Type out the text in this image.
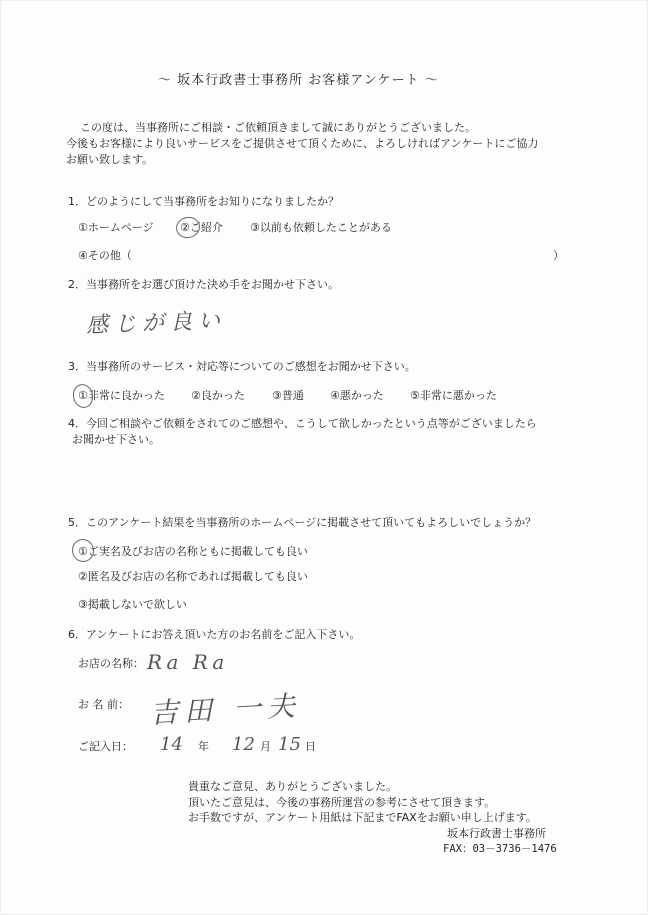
～ 坂本行政書士事務所 お客様アンケート ～
この度は、当事務所にご相談・ご依頼頂きまして誠にありがとうございました。
今後もお客様により良いサービスをご提供させて頂くために、よろしければアンケートにご協力
お願い致します。
1．どのようにして当事務所をお知りになりましたか？
①ホームページ ②ご紹介 ③以前も依頼したことがある
④その他（	）
2．当事務所をお選び頂けた決め手をお聞かせ下さい。
感じが良い
3．当事務所のサービス・対応等についてのご感想をお聞かせ下さい。
①非常に良かった ②良かった ③普通 ④悪かった ⑤非常に悪かった
4．今回ご相談やご依頼をされてのご感想や、こうして欲しかったという点等がございましたら
お聞かせ下さい。
5．このアンケート結果を当事務所のホームページに掲載させて頂いてもよろしいでしょうか？
①ご実名及びお店の名称ともに掲載しても良い
②匿名及びお店の名称であれば掲載しても良い
③掲載しないで欲しい
6．アンケートにお答え頂いた方のお名前をご記入下さい。
お店の名称： Ra Ra
お 名 前： 吉田 一夫
ご記入日： 14 年 12 月 15 日
貴重なご意見、ありがとうございました。
頂いたご意見は、今後の事務所運営の参考にさせて頂きます。
お手数ですが、アンケート用紙は下記までFAXをお願い申し上げます。
坂本行政書士事務所
FAX：03－3736－1476
